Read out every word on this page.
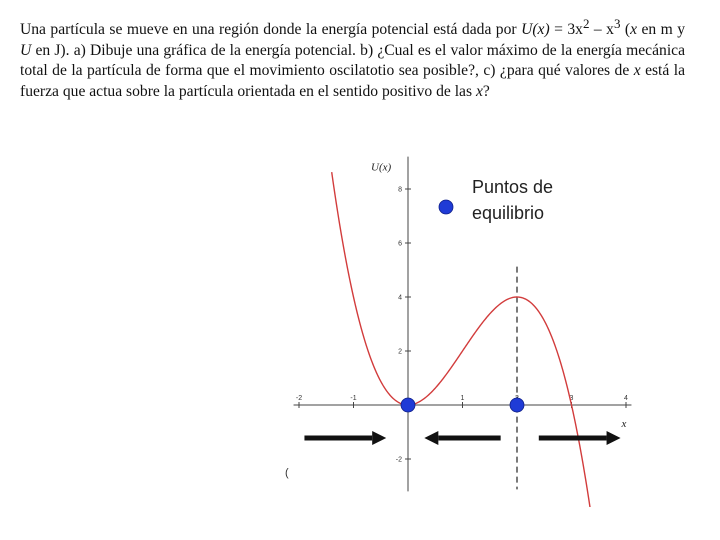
Una partícula se mueve en una región donde la energía potencial está dada por $U(x) = 3x^2 - x^3$ (x en m y U en J). a) Dibuje una gráfica de la energía potencial. b) ¿Cual es el valor máximo de la energía mecánica total de la partícula de forma que el movimiento oscilatotio sea posible?, c) ¿para qué valores de x está la fuerza que actua sobre la partícula orientada en el sentido positivo de las x?
-2	-1	1	3	4
-2
2
4
6
8
U(x)
x
(
Puntos de
equilibrio
